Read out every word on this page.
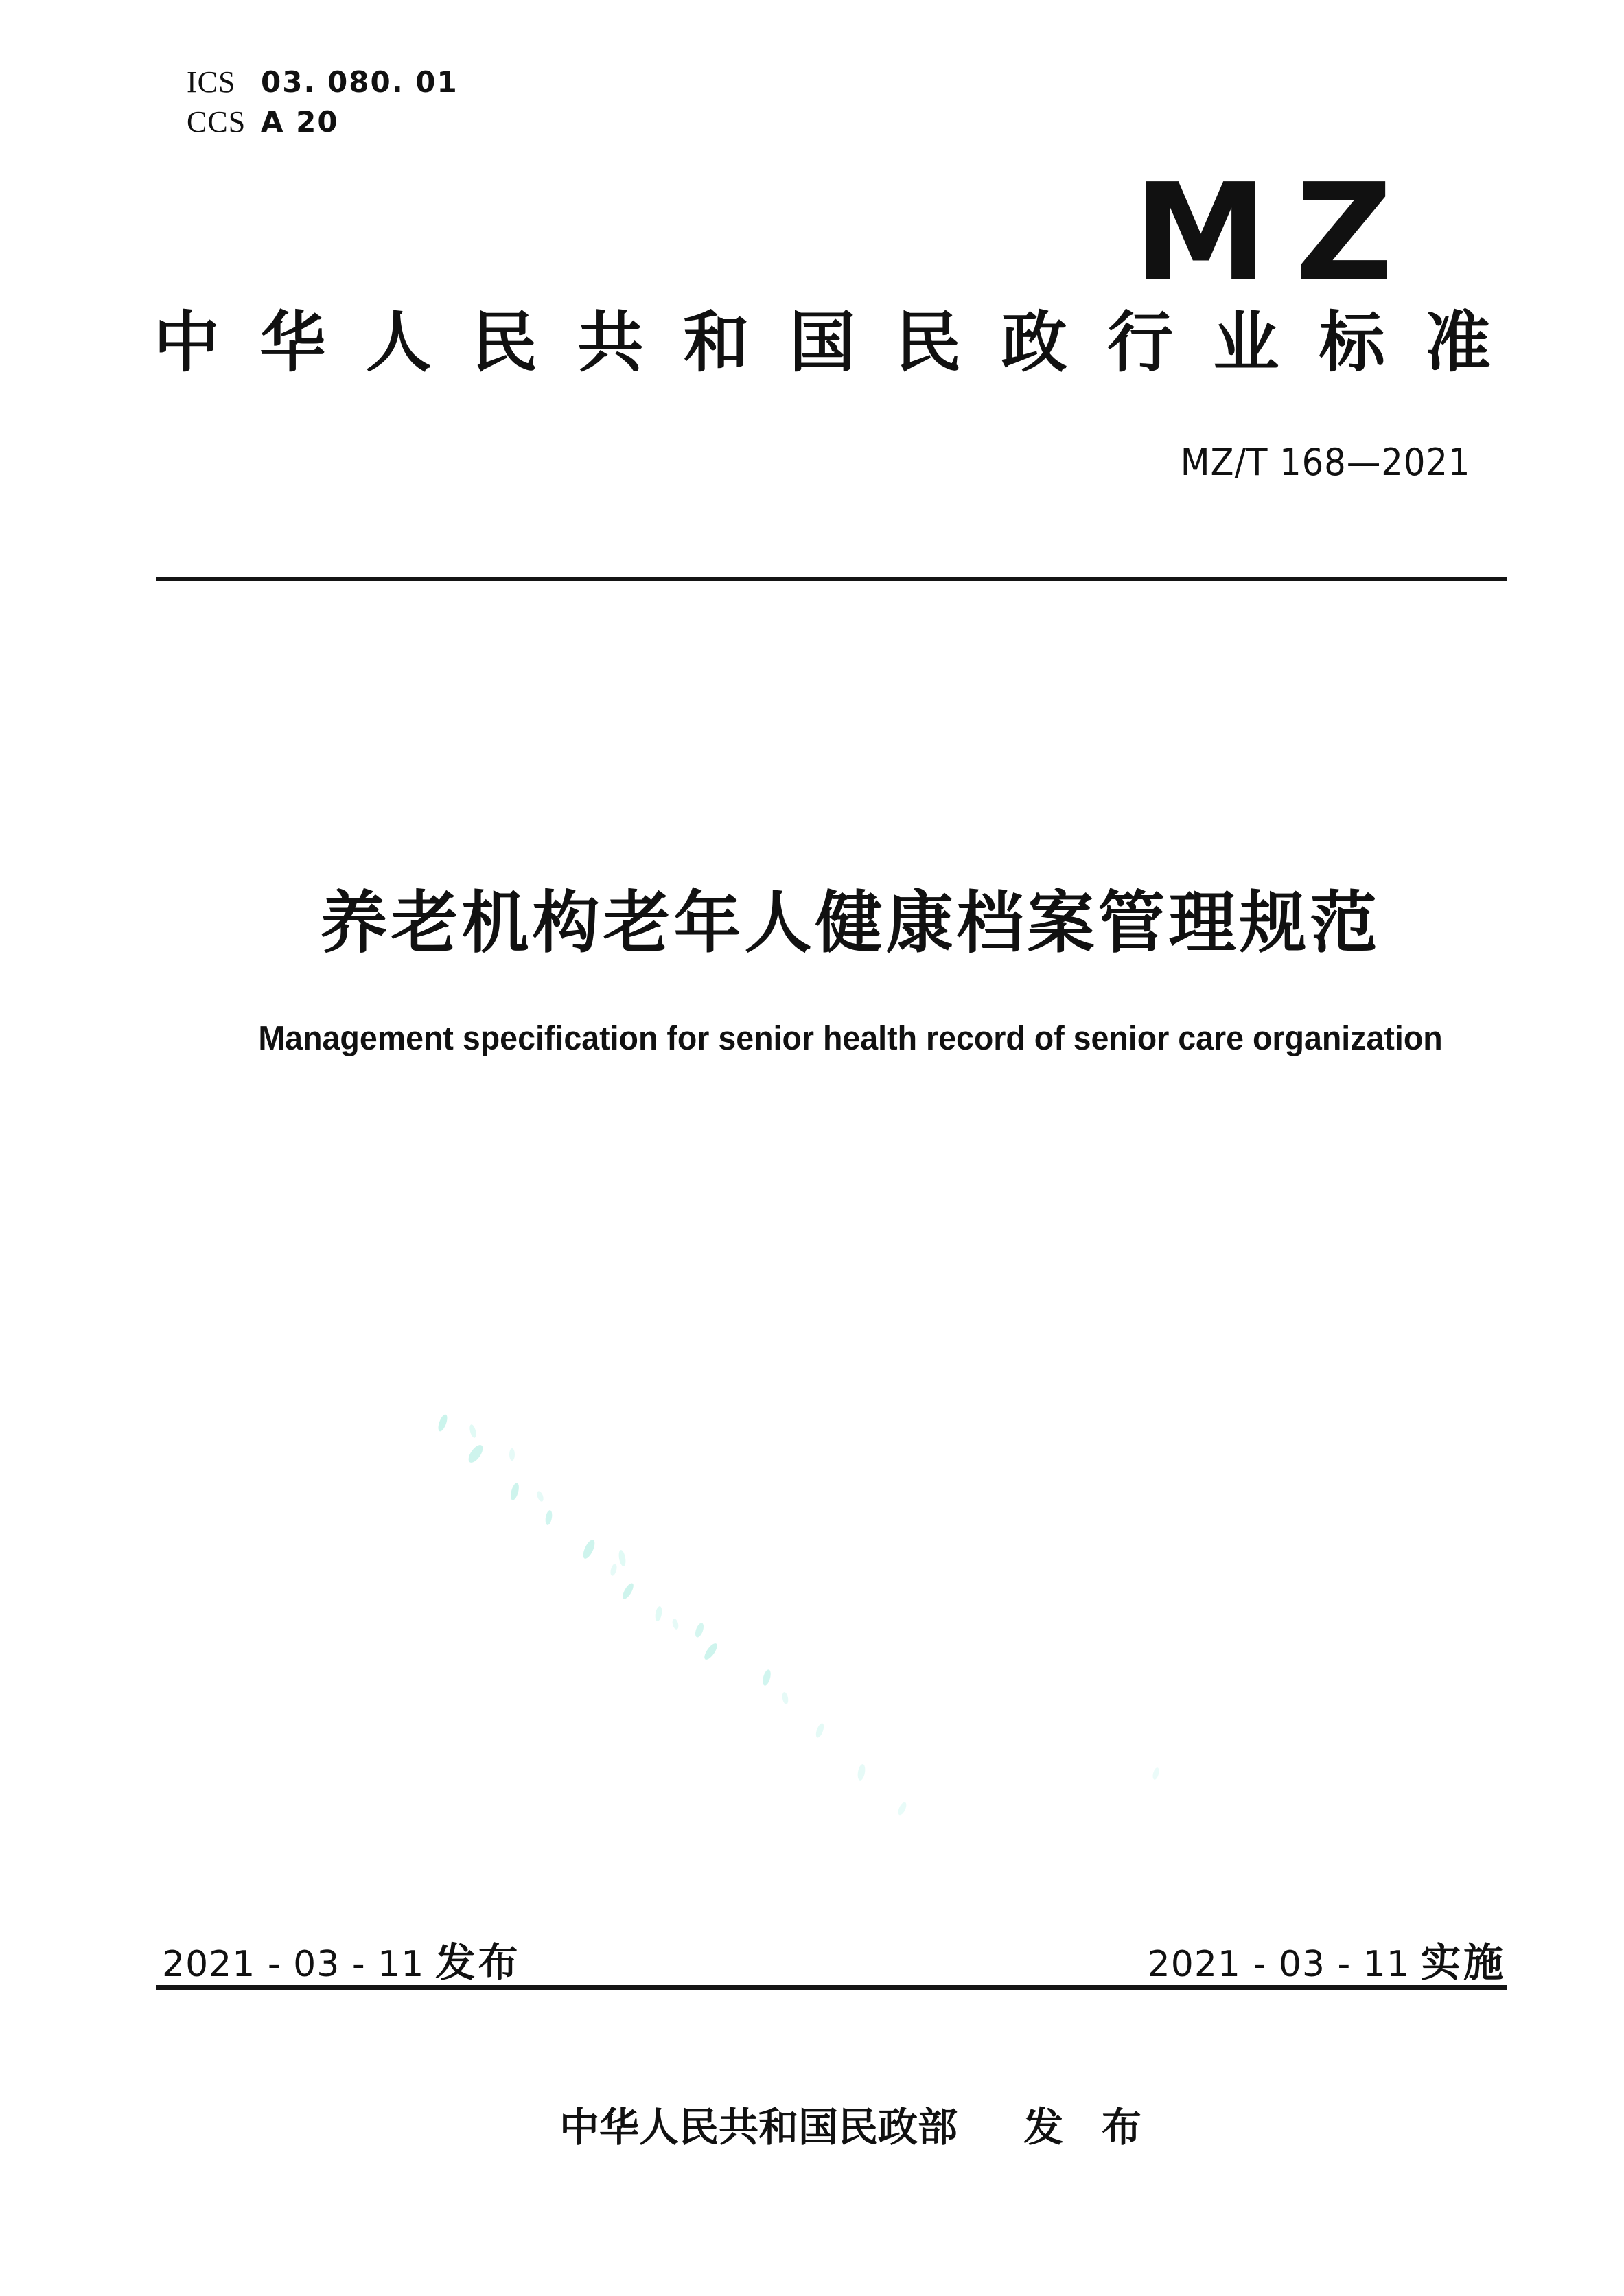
ICS 03. 080. 01
CCS A 20
MZ
中 华 人 民 共 和 国 民 政 行 业 标 准
MZ/T 168—2021
养老机构老年人健康档案管理规范
Management specification for senior health record of senior care organization
2021 - 03 - 11 发布	2021 - 03 - 11 实施
中华人民共和国民政部 发 布
